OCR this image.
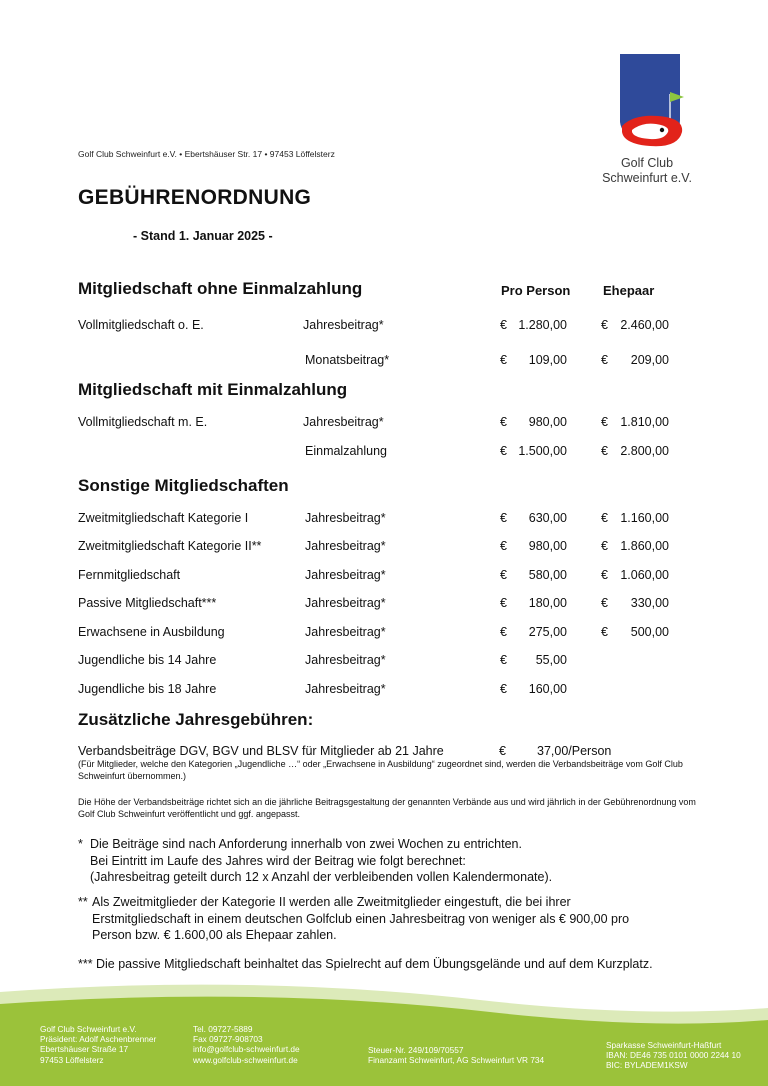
Golf Club Schweinfurt e.V. • Ebertshäuser Str. 17 • 97453 Löffelsterz
Golf Club
Schweinfurt e.V.
GEBÜHRENORDNUNG
- Stand 1. Januar 2025 -
Mitgliedschaft ohne Einmalzahlung	Pro Person	Ehepaar
Vollmitgliedschaft o. E.	Jahresbeitrag*	€ 1.280,00	€ 2.460,00
Monatsbeitrag*	€	109,00	€	209,00
Mitgliedschaft mit Einmalzahlung
Vollmitgliedschaft m. E.	Jahresbeitrag*	€	980,00	€ 1.810,00
Einmalzahlung	€ 1.500,00	€ 2.800,00
Sonstige Mitgliedschaften
Zweitmitgliedschaft Kategorie I	Jahresbeitrag*	€	630,00	€ 1.160,00
Zweitmitgliedschaft Kategorie II**	Jahresbeitrag*	€	980,00	€ 1.860,00
Fernmitgliedschaft	Jahresbeitrag*	€	580,00	€ 1.060,00
Passive Mitgliedschaft***	Jahresbeitrag*	€	180,00	€	330,00
Erwachsene in Ausbildung	Jahresbeitrag*	€	275,00	€	500,00
Jugendliche bis 14 Jahre	Jahresbeitrag*	€	55,00
Jugendliche bis 18 Jahre	Jahresbeitrag*	€	160,00
Zusätzliche Jahresgebühren:
Verbandsbeiträge DGV, BGV und BLSV für Mitglieder ab 21 Jahre	€ 37,00/Person
(Für Mitglieder, welche den Kategorien „Jugendliche …“ oder „Erwachsene in Ausbildung“ zugeordnet sind, werden die Verbandsbeiträge vom Golf Club Schweinfurt übernommen.)
Die Höhe der Verbandsbeiträge richtet sich an die jährliche Beitragsgestaltung der genannten Verbände aus und wird jährlich in der Gebührenordnung vom Golf Club Schweinfurt veröffentlicht und ggf. angepasst.
* Die Beiträge sind nach Anforderung innerhalb von zwei Wochen zu entrichten.
Bei Eintritt im Laufe des Jahres wird der Beitrag wie folgt berechnet:
(Jahresbeitrag geteilt durch 12 x Anzahl der verbleibenden vollen Kalendermonate).
** Als Zweitmitglieder der Kategorie II werden alle Zweitmitglieder eingestuft, die bei ihrer Erstmitgliedschaft in einem deutschen Golfclub einen Jahresbeitrag von weniger als € 900,00 pro Person bzw. € 1.600,00 als Ehepaar zahlen.
*** Die passive Mitgliedschaft beinhaltet das Spielrecht auf dem Übungsgelände und auf dem Kurzplatz.
Golf Club Schweinfurt e.V.
Präsident: Adolf Aschenbrenner
Ebertshäuser Straße 17
97453 Löffelsterz
Tel. 09727-5889
Fax 09727-908703
info@golfclub-schweinfurt.de
www.golfclub-schweinfurt.de
Steuer-Nr. 249/109/70557
Finanzamt Schweinfurt, AG Schweinfurt VR 734
Sparkasse Schweinfurt-Haßfurt
IBAN: DE46 735 0101 0000 2244 10
BIC: BYLADEM1KSW
